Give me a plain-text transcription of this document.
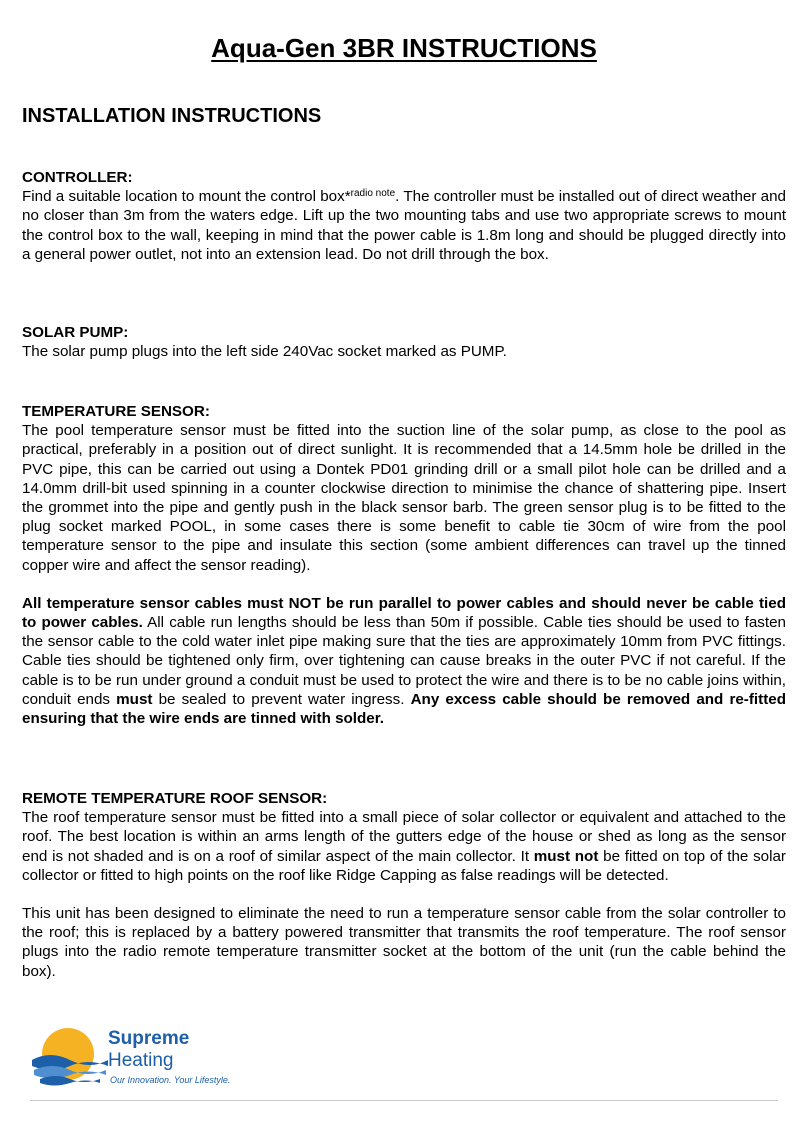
Aqua-Gen 3BR INSTRUCTIONS
INSTALLATION INSTRUCTIONS
CONTROLLER:

Find a suitable location to mount the control box*$^{radio note}$. The controller must be installed out of direct weather and no closer than 3m from the waters edge. Lift up the two mounting tabs and use two appropriate screws to mount the control box to the wall, keeping in mind that the power cable is 1.8m long and should be plugged directly into a general power outlet, not into an extension lead. Do not drill through the box.

SOLAR PUMP:

The solar pump plugs into the left side 240Vac socket marked as PUMP.

TEMPERATURE SENSOR:

The pool temperature sensor must be fitted into the suction line of the solar pump, as close to the pool as practical, preferably in a position out of direct sunlight. It is recommended that a 14.5mm hole be drilled in the PVC pipe, this can be carried out using a Dontek PD01 grinding drill or a small pilot hole can be drilled and a 14.0mm drill-bit used spinning in a counter clockwise direction to minimise the chance of shattering pipe. Insert the grommet into the pipe and gently push in the black sensor barb. The green sensor plug is to be fitted to the plug socket marked POOL, in some cases there is some benefit to cable tie 30cm of wire from the pool temperature sensor to the pipe and insulate this section (some ambient differences can travel up the tinned copper wire and affect the sensor reading).

All temperature sensor cables must NOT be run parallel to power cables and should never be cable tied to power cables. All cable run lengths should be less than 50m if possible. Cable ties should be used to fasten the sensor cable to the cold water inlet pipe making sure that the ties are approximately 10mm from PVC fittings. Cable ties should be tightened only firm, over tightening can cause breaks in the outer PVC if not careful. If the cable is to be run under ground a conduit must be used to protect the wire and there is to be no cable joins within, conduit ends must be sealed to prevent water ingress. Any excess cable should be removed and re-fitted ensuring that the wire ends are tinned with solder.

REMOTE TEMPERATURE ROOF SENSOR:

The roof temperature sensor must be fitted into a small piece of solar collector or equivalent and attached to the roof. The best location is within an arms length of the gutters edge of the house or shed as long as the sensor end is not shaded and is on a roof of similar aspect of the main collector. It must not be fitted on top of the solar collector or fitted to high points on the roof like Ridge Capping as false readings will be detected.

This unit has been designed to eliminate the need to run a temperature sensor cable from the solar controller to the roof; this is replaced by a battery powered transmitter that transmits the roof temperature. The roof sensor plugs into the radio remote temperature transmitter socket at the bottom of the unit (run the cable behind the box).

Supreme
Heating
Our Innovation. Your Lifestyle.
